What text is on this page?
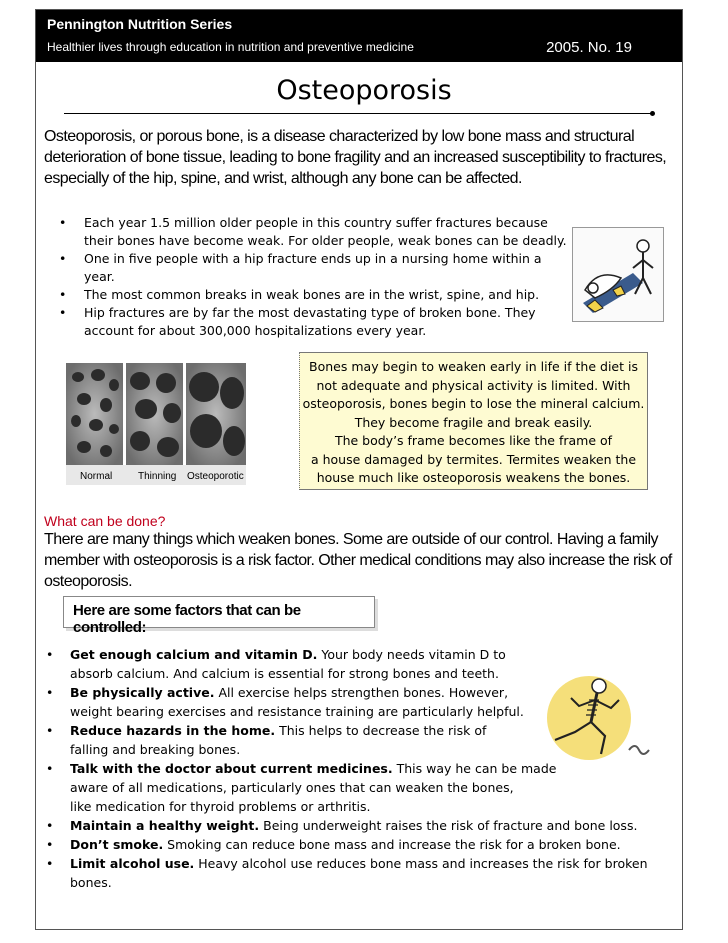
Pennington Nutrition Series
Healthier lives through education in nutrition and preventive medicine	2005. No. 19
Osteoporosis
Osteoporosis, or porous bone, is a disease characterized by low bone mass and structural deterioration of bone tissue, leading to bone fragility and an increased susceptibility to fractures, especially of the hip, spine, and wrist, although any bone can be affected.
• Each year 1.5 million older people in this country suffer fractures because their bones have become weak. For older people, weak bones can be deadly.
• One in five people with a hip fracture ends up in a nursing home within a year.
• The most common breaks in weak bones are in the wrist, spine, and hip.
• Hip fractures are by far the most devastating type of broken bone. They account for about 300,000 hospitalizations every year.
Normal	Thinning Osteoporotic
Bones may begin to weaken early in life if the diet is
not adequate and physical activity is limited. With
osteoporosis, bones begin to lose the mineral calcium.
They become fragile and break easily.
The body’s frame becomes like the frame of
a house damaged by termites. Termites weaken the
house much like osteoporosis weakens the bones.
What can be done?
There are many things which weaken bones. Some are outside of our control. Having a family member with osteoporosis is a risk factor. Other medical conditions may also increase the risk of osteoporosis.
Here are some factors that can be controlled:
• Get enough calcium and vitamin D. Your body needs vitamin D to
absorb calcium. And calcium is essential for strong bones and teeth.
• Be physically active. All exercise helps strengthen bones. However,
weight bearing exercises and resistance training are particularly helpful.
• Reduce hazards in the home. This helps to decrease the risk of
falling and breaking bones.
• Talk with the doctor about current medicines. This way he can be made
aware of all medications, particularly ones that can weaken the bones,
like medication for thyroid problems or arthritis.
• Maintain a healthy weight. Being underweight raises the risk of fracture and bone loss.
• Don’t smoke. Smoking can reduce bone mass and increase the risk for a broken bone.
• Limit alcohol use. Heavy alcohol use reduces bone mass and increases the risk for broken bones.
